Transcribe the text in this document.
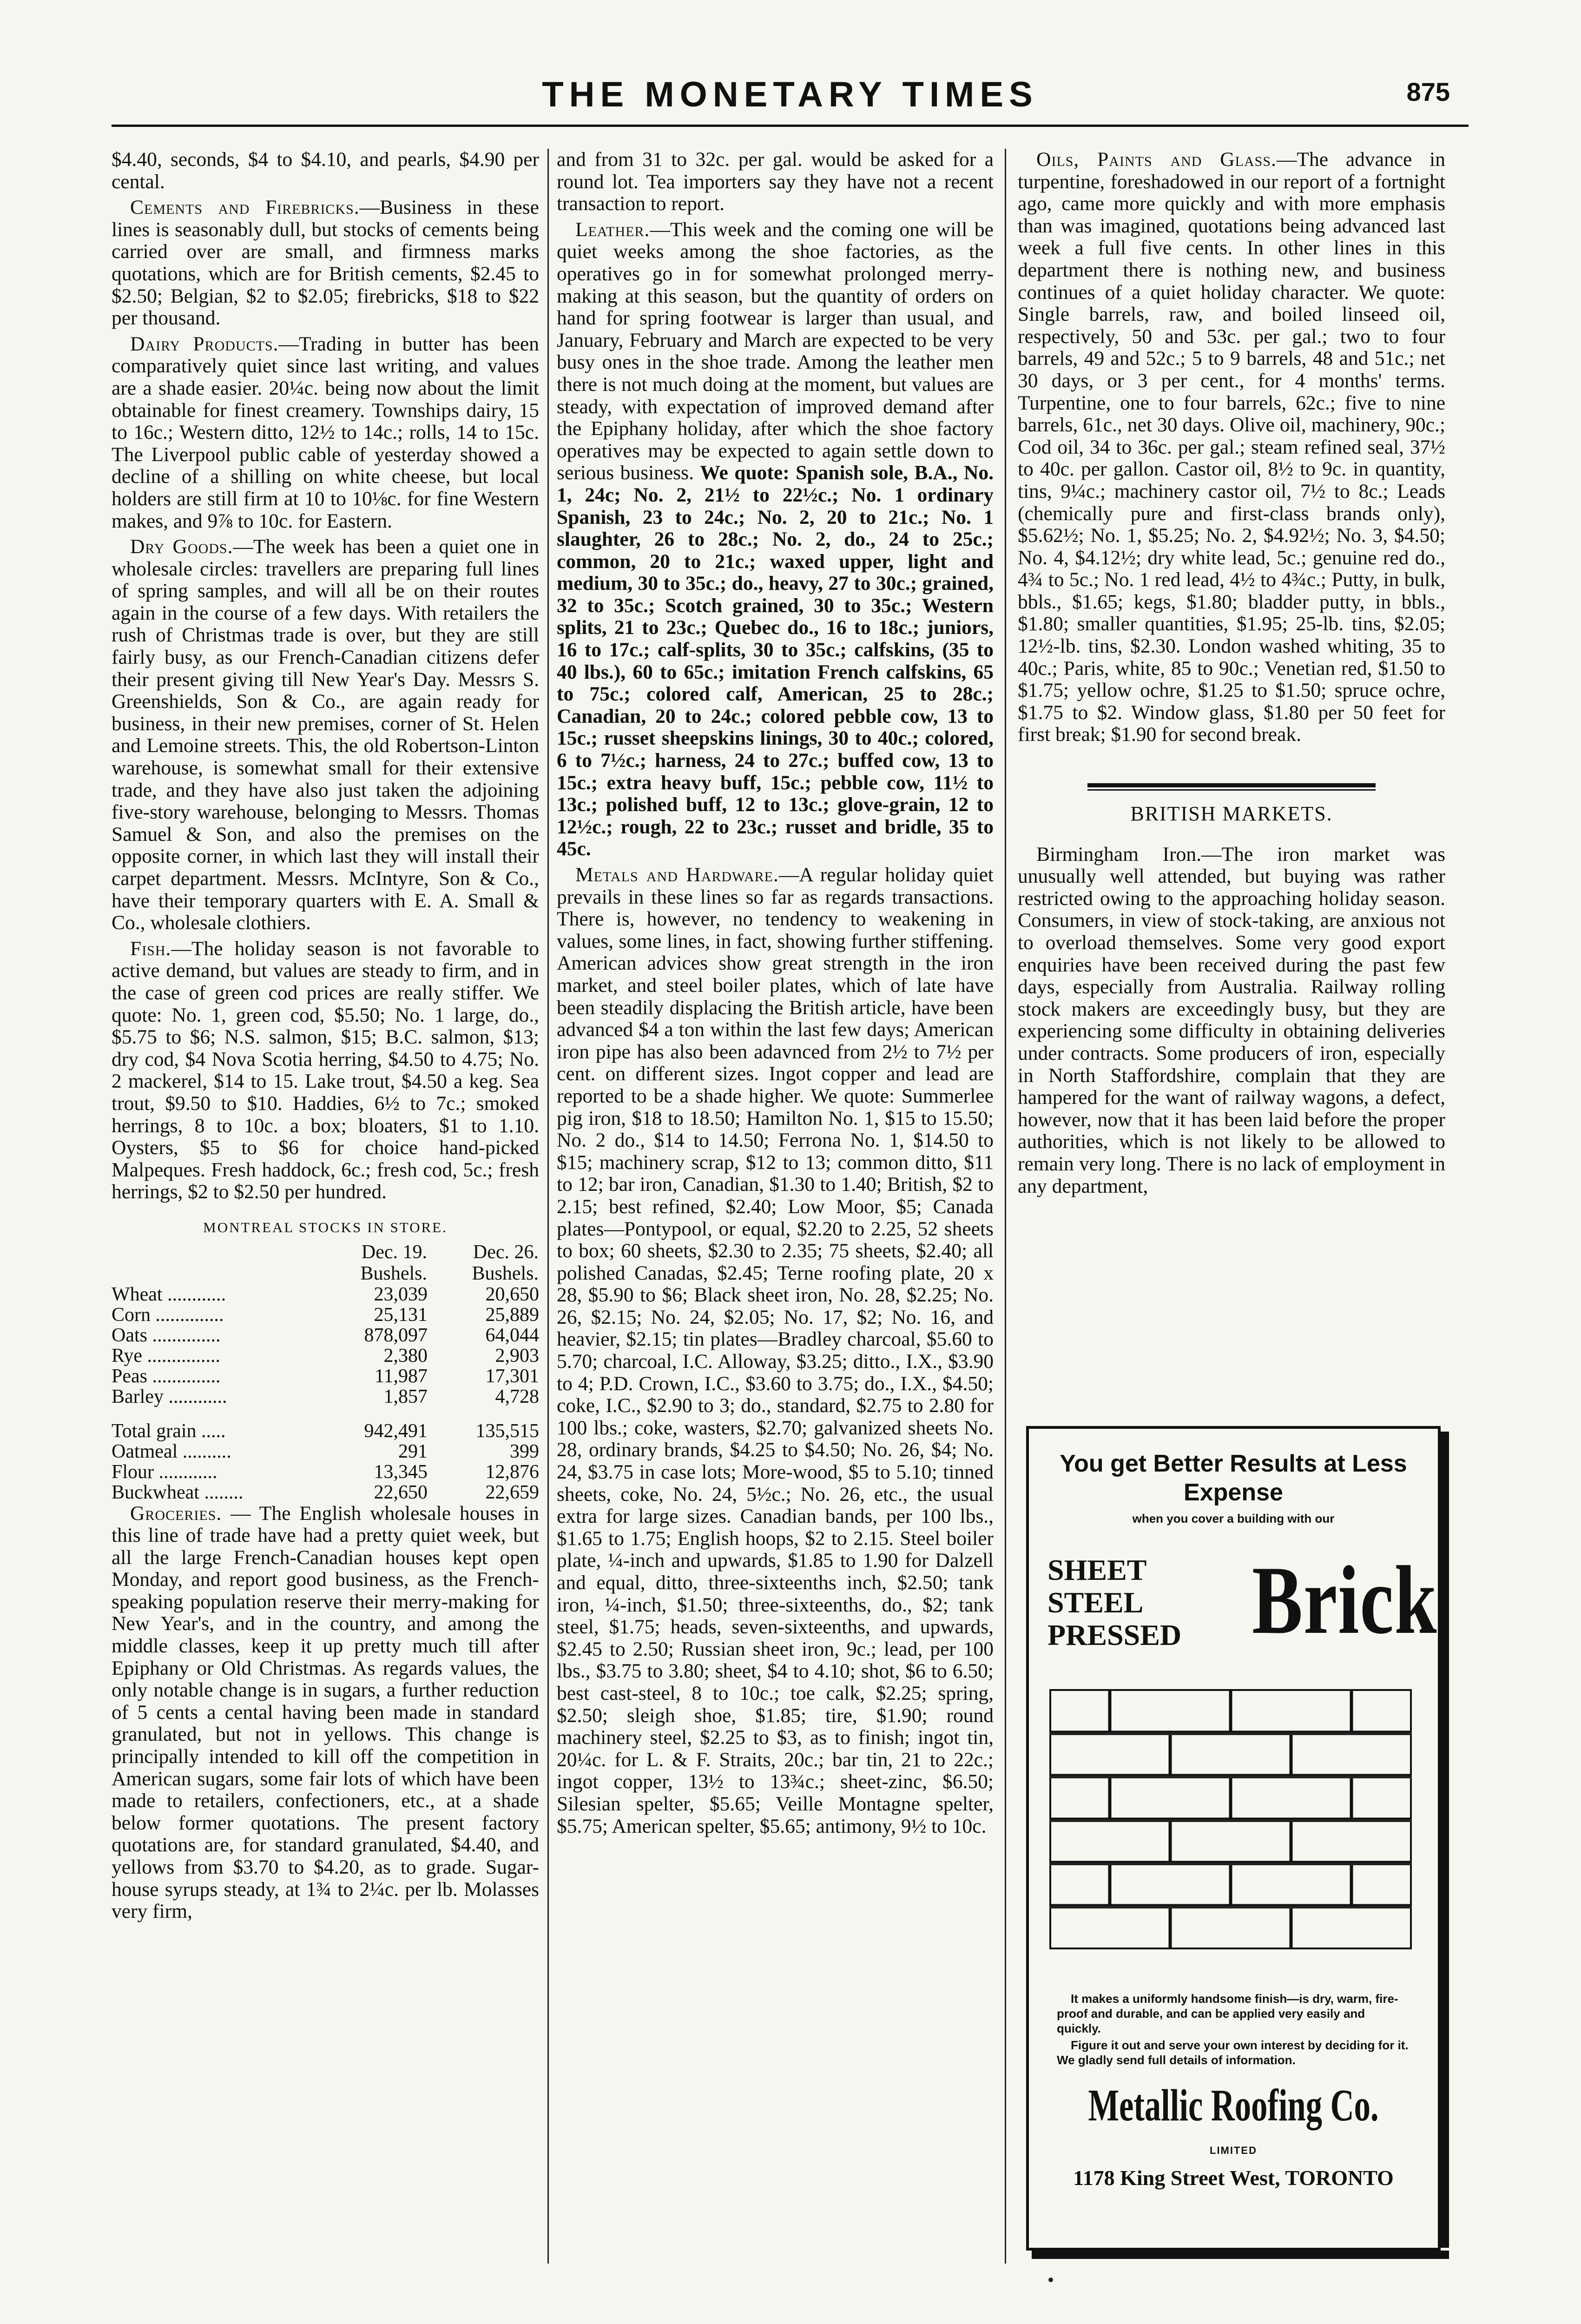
THE MONETARY TIMES	875

$4.40, seconds, $4 to $4.10, and pearls, $4.90 per cental.

Cements and Firebricks.—Business in these lines is seasonably dull, but stocks of cements being carried over are small, and firmness marks quotations, which are for British cements, $2.45 to $2.50; Belgian, $2 to $2.05; firebricks, $18 to $22 per thousand.

Dairy Products.—Trading in butter has been comparatively quiet since last writing, and values are a shade easier. 20¼c. being now about the limit obtainable for finest creamery. Townships dairy, 15 to 16c.; Western ditto, 12½ to 14c.; rolls, 14 to 15c. The Liverpool public cable of yesterday showed a decline of a shilling on white cheese, but local holders are still firm at 10 to 10⅛c. for fine Western makes, and 9⅞ to 10c. for Eastern.

Dry Goods.—The week has been a quiet one in wholesale circles: travellers are preparing full lines of spring samples, and will all be on their routes again in the course of a few days. With retailers the rush of Christmas trade is over, but they are still fairly busy, as our French-Canadian citizens defer their present giving till New Year's Day. Messrs S. Greenshields, Son & Co., are again ready for business, in their new premises, corner of St. Helen and Lemoine streets. This, the old Robertson-Linton warehouse, is somewhat small for their extensive trade, and they have also just taken the adjoining five-story warehouse, belonging to Messrs. Thomas Samuel & Son, and also the premises on the opposite corner, in which last they will install their carpet department. Messrs. McIntyre, Son & Co., have their temporary quarters with E. A. Small & Co., wholesale clothiers.

Fish.—The holiday season is not favorable to active demand, but values are steady to firm, and in the case of green cod prices are really stiffer. We quote: No. 1, green cod, $5.50; No. 1 large, do., $5.75 to $6; N.S. salmon, $15; B.C. salmon, $13; dry cod, $4 Nova Scotia herring, $4.50 to 4.75; No. 2 mackerel, $14 to 15. Lake trout, $4.50 a keg. Sea trout, $9.50 to $10. Haddies, 6½ to 7c.; smoked herrings, 8 to 10c. a box; bloaters, $1 to 1.10. Oysters, $5 to $6 for choice hand-picked Malpeques. Fresh haddock, 6c.; fresh cod, 5c.; fresh herrings, $2 to $2.50 per hundred.

MONTREAL STOCKS IN STORE.
	Dec. 19.	Dec. 26.
	Bushels.	Bushels.
Wheat ............	23,039	20,650
Corn ..............	25,131	25,889
Oats ..............	878,097	64,044
Rye ...............	2,380	2,903
Peas ..............	11,987	17,301
Barley ............	1,857	4,728

Total grain .....	942,491	135,515
Oatmeal ..........	291	399
Flour ............	13,345	12,876
Buckwheat ........	22,650	22,659

Groceries. — The English wholesale houses in this line of trade have had a pretty quiet week, but all the large French-Canadian houses kept open Monday, and report good business, as the French-speaking population reserve their merry-making for New Year's, and in the country, and among the middle classes, keep it up pretty much till after Epiphany or Old Christmas. As regards values, the only notable change is in sugars, a further reduction of 5 cents a cental having been made in standard granulated, but not in yellows. This change is principally intended to kill off the competition in American sugars, some fair lots of which have been made to retailers, confectioners, etc., at a shade below former quotations. The present factory quotations are, for standard granulated, $4.40, and yellows from $3.70 to $4.20, as to grade. Sugar-house syrups steady, at 1¾ to 2¼c. per lb. Molasses very firm,

and from 31 to 32c. per gal. would be asked for a round lot. Tea importers say they have not a recent transaction to report.

Leather.—This week and the coming one will be quiet weeks among the shoe factories, as the operatives go in for somewhat prolonged merry-making at this season, but the quantity of orders on hand for spring footwear is larger than usual, and January, February and March are expected to be very busy ones in the shoe trade. Among the leather men there is not much doing at the moment, but values are steady, with expectation of improved demand after the Epiphany holiday, after which the shoe factory operatives may be expected to again settle down to serious business. We quote: Spanish sole, B.A., No. 1, 24c; No. 2, 21½ to 22½c.; No. 1 ordinary Spanish, 23 to 24c.; No. 2, 20 to 21c.; No. 1 slaughter, 26 to 28c.; No. 2, do., 24 to 25c.; common, 20 to 21c.; waxed upper, light and medium, 30 to 35c.; do., heavy, 27 to 30c.; grained, 32 to 35c.; Scotch grained, 30 to 35c.; Western splits, 21 to 23c.; Quebec do., 16 to 18c.; juniors, 16 to 17c.; calf-splits, 30 to 35c.; calfskins, (35 to 40 lbs.), 60 to 65c.; imitation French calfskins, 65 to 75c.; colored calf, American, 25 to 28c.; Canadian, 20 to 24c.; colored pebble cow, 13 to 15c.; russet sheepskins linings, 30 to 40c.; colored, 6 to 7½c.; harness, 24 to 27c.; buffed cow, 13 to 15c.; extra heavy buff, 15c.; pebble cow, 11½ to 13c.; polished buff, 12 to 13c.; glove-grain, 12 to 12½c.; rough, 22 to 23c.; russet and bridle, 35 to 45c.

Metals and Hardware.—A regular holiday quiet prevails in these lines so far as regards transactions. There is, however, no tendency to weakening in values, some lines, in fact, showing further stiffening. American advices show great strength in the iron market, and steel boiler plates, which of late have been steadily displacing the British article, have been advanced $4 a ton within the last few days; American iron pipe has also been adavnced from 2½ to 7½ per cent. on different sizes. Ingot copper and lead are reported to be a shade higher. We quote: Summerlee pig iron, $18 to 18.50; Hamilton No. 1, $15 to 15.50; No. 2 do., $14 to 14.50; Ferrona No. 1, $14.50 to $15; machinery scrap, $12 to 13; common ditto, $11 to 12; bar iron, Canadian, $1.30 to 1.40; British, $2 to 2.15; best refined, $2.40; Low Moor, $5; Canada plates—Pontypool, or equal, $2.20 to 2.25, 52 sheets to box; 60 sheets, $2.30 to 2.35; 75 sheets, $2.40; all polished Canadas, $2.45; Terne roofing plate, 20 x 28, $5.90 to $6; Black sheet iron, No. 28, $2.25; No. 26, $2.15; No. 24, $2.05; No. 17, $2; No. 16, and heavier, $2.15; tin plates—Bradley charcoal, $5.60 to 5.70; charcoal, I.C. Alloway, $3.25; ditto., I.X., $3.90 to 4; P.D. Crown, I.C., $3.60 to 3.75; do., I.X., $4.50; coke, I.C., $2.90 to 3; do., standard, $2.75 to 2.80 for 100 lbs.; coke, wasters, $2.70; galvanized sheets No. 28, ordinary brands, $4.25 to $4.50; No. 26, $4; No. 24, $3.75 in case lots; More-wood, $5 to 5.10; tinned sheets, coke, No. 24, 5½c.; No. 26, etc., the usual extra for large sizes. Canadian bands, per 100 lbs., $1.65 to 1.75; English hoops, $2 to 2.15. Steel boiler plate, ¼-inch and upwards, $1.85 to 1.90 for Dalzell and equal, ditto, three-sixteenths inch, $2.50; tank iron, ¼-inch, $1.50; three-sixteenths, do., $2; tank steel, $1.75; heads, seven-sixteenths, and upwards, $2.45 to 2.50; Russian sheet iron, 9c.; lead, per 100 lbs., $3.75 to 3.80; sheet, $4 to 4.10; shot, $6 to 6.50; best cast-steel, 8 to 10c.; toe calk, $2.25; spring, $2.50; sleigh shoe, $1.85; tire, $1.90; round machinery steel, $2.25 to $3, as to finish; ingot tin, 20¼c. for L. & F. Straits, 20c.; bar tin, 21 to 22c.; ingot copper, 13½ to 13¾c.; sheet-zinc, $6.50; Silesian spelter, $5.65; Veille Montagne spelter, $5.75; American spelter, $5.65; antimony, 9½ to 10c.

Oils, Paints and Glass.—The advance in turpentine, foreshadowed in our report of a fortnight ago, came more quickly and with more emphasis than was imagined, quotations being advanced last week a full five cents. In other lines in this department there is nothing new, and business continues of a quiet holiday character. We quote: Single barrels, raw, and boiled linseed oil, respectively, 50 and 53c. per gal.; two to four barrels, 49 and 52c.; 5 to 9 barrels, 48 and 51c.; net 30 days, or 3 per cent., for 4 months' terms. Turpentine, one to four barrels, 62c.; five to nine barrels, 61c., net 30 days. Olive oil, machinery, 90c.; Cod oil, 34 to 36c. per gal.; steam refined seal, 37½ to 40c. per gallon. Castor oil, 8½ to 9c. in quantity, tins, 9¼c.; machinery castor oil, 7½ to 8c.; Leads (chemically pure and first-class brands only), $5.62½; No. 1, $5.25; No. 2, $4.92½; No. 3, $4.50; No. 4, $4.12½; dry white lead, 5c.; genuine red do., 4¾ to 5c.; No. 1 red lead, 4½ to 4¾c.; Putty, in bulk, bbls., $1.65; kegs, $1.80; bladder putty, in bbls., $1.80; smaller quantities, $1.95; 25-lb. tins, $2.05; 12½-lb. tins, $2.30. London washed whiting, 35 to 40c.; Paris, white, 85 to 90c.; Venetian red, $1.50 to $1.75; yellow ochre, $1.25 to $1.50; spruce ochre, $1.75 to $2. Window glass, $1.80 per 50 feet for first break; $1.90 for second break.

BRITISH MARKETS.

Birmingham Iron.—The iron market was unusually well attended, but buying was rather restricted owing to the approaching holiday season. Consumers, in view of stock-taking, are anxious not to overload themselves. Some very good export enquiries have been received during the past few days, especially from Australia. Railway rolling stock makers are exceedingly busy, but they are experiencing some difficulty in obtaining deliveries under contracts. Some producers of iron, especially in North Staffordshire, complain that they are hampered for the want of railway wagons, a defect, however, now that it has been laid before the proper authorities, which is not likely to be allowed to remain very long. There is no lack of employment in any department,

You get Better Results at Less Expense
when you cover a building with our
SHEET
STEEL
PRESSED Brick

It makes a uniformly handsome finish—is dry, warm, fire-proof and durable, and can be applied very easily and quickly.

Figure it out and serve your own interest by deciding for it. We gladly send full details of information.

Metallic Roofing Co.
LIMITED
1178 King Street West, TORONTO
